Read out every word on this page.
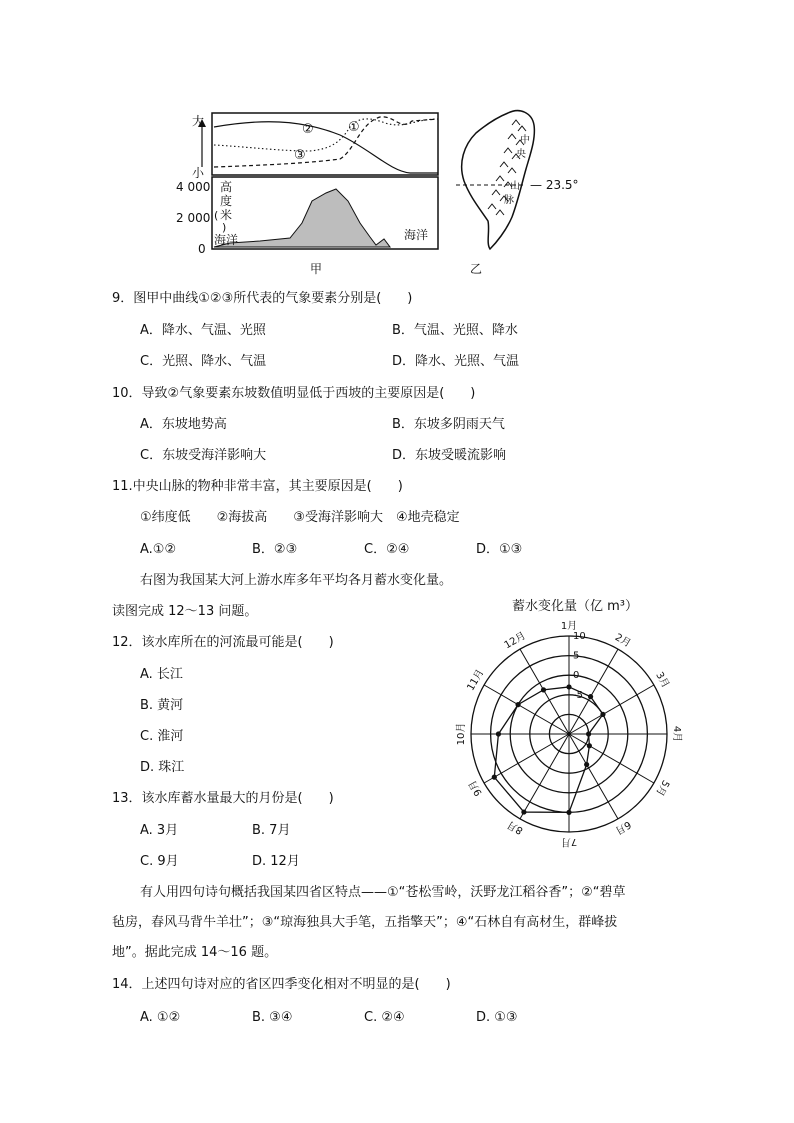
大
小
②	①
③
4 000
2 000
0
高
度
( 米
)
海洋	海洋
甲
中
央
山
脉
— 23.5°
乙
9．图甲中曲线①②③所代表的气象要素分别是(　　)
A．降水、气温、光照	B．气温、光照、降水
C．光照、降水、气温	D．降水、光照、气温
10．导致②气象要素东坡数值明显低于西坡的主要原因是(　　)
A．东坡地势高	B．东坡多阴雨天气
C．东坡受海洋影响大	D．东坡受暖流影响
11.中央山脉的物种非常丰富，其主要原因是(　　)
①纬度低　　②海拔高　　③受海洋影响大　④地壳稳定
A.①②	B．②③	C．②④	D．①③
右图为我国某大河上游水库多年平均各月蓄水变化量。
读图完成 12～13 问题。
12．该水库所在的河流最可能是(　　)
A. 长江
B. 黄河
C. 淮河
D. 珠江
13．该水库蓄水量最大的月份是(　　)
A. 3月	B. 7月
C. 9月	D. 12月
蓄水变化量（亿 m³）
10
5
0
-5
1月
2月
3月
4月
5月
6月
7月
8月
9月
10月
11月
12月
有人用四句诗句概括我国某四省区特点——①“苍松雪岭，沃野龙江稻谷香”；②“碧草
毡房，春风马背牛羊壮”；③“琼海独具大手笔，五指擎天”；④“石林自有高材生，群峰拔
地”。据此完成 14～16 题。
14．上述四句诗对应的省区四季变化相对不明显的是(　　)
A. ①②	B. ③④	C. ②④	D. ①③
